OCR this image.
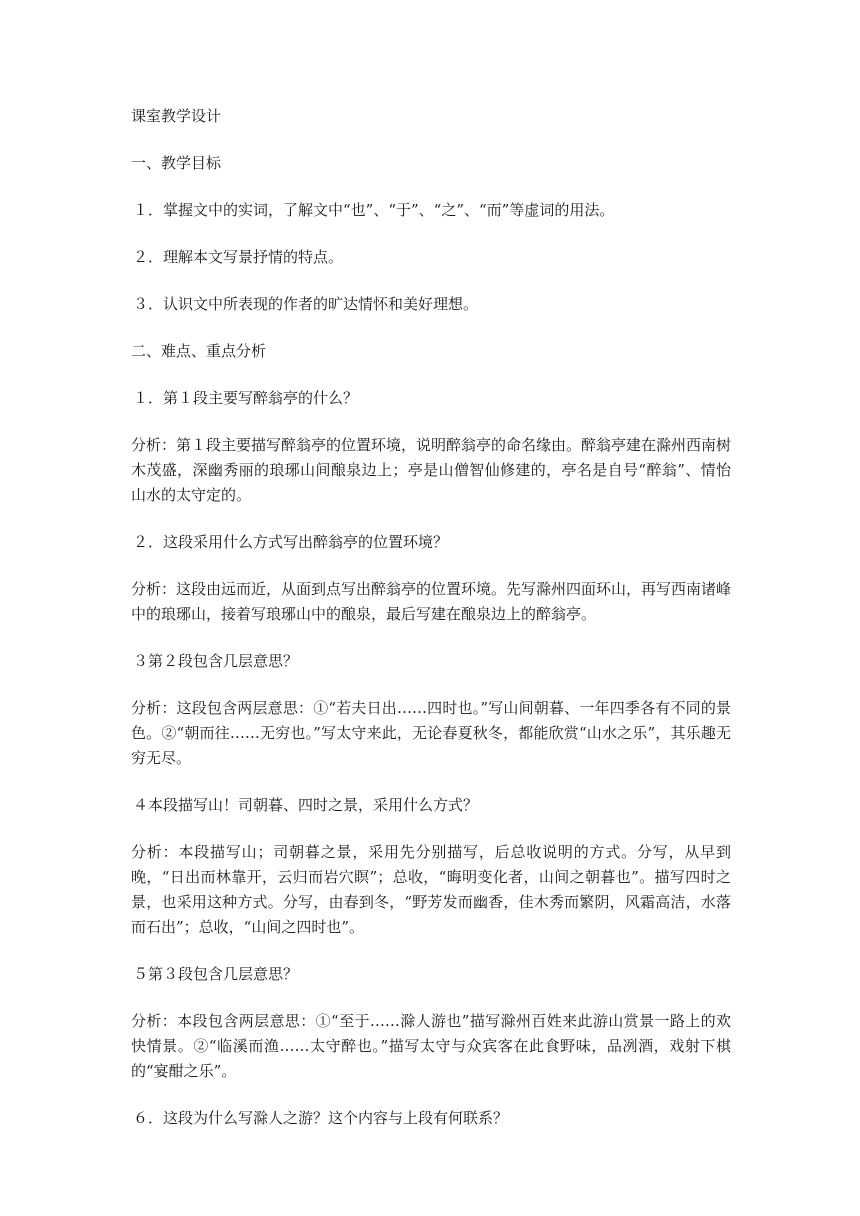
课室教学设计

一、教学目标

１．掌握文中的实词，了解文中“也”、“于”、“之”、“而”等虚词的用法。

２．理解本文写景抒情的特点。

３．认识文中所表现的作者的旷达情怀和美好理想。

二、难点、重点分析

１．第１段主要写醉翁亭的什么？

分析：第１段主要描写醉翁亭的位置环境，说明醉翁亭的命名缘由。醉翁亭建在滁州西南树木茂盛，深幽秀丽的琅琊山间酿泉边上；亭是山僧智仙修建的，亭名是自号“醉翁”、情怡山水的太守定的。

２．这段采用什么方式写出醉翁亭的位置环境？

分析：这段由远而近，从面到点写出醉翁亭的位置环境。先写滁州四面环山，再写西南诸峰中的琅琊山，接着写琅琊山中的酿泉，最后写建在酿泉边上的醉翁亭。

３第２段包含几层意思？

分析：这段包含两层意思：①“若夫日出……四时也。”写山间朝暮、一年四季各有不同的景色。②“朝而往……无穷也。”写太守来此，无论春夏秋冬，都能欣赏“山水之乐”，其乐趣无穷无尽。

４本段描写山！司朝暮、四时之景，采用什么方式？

分析：本段描写山；司朝暮之景，采用先分别描写，后总收说明的方式。分写，从早到晚，“日出而林靠开，云归而岩穴瞑”；总收，“晦明变化者，山间之朝暮也”。描写四时之景，也采用这种方式。分写，由春到冬，“野芳发而幽香，佳木秀而繁阴，风霜高洁，水落而石出”；总收，“山间之四时也”。

５第３段包含几层意思？

分析：本段包含两层意思：①“至于……滁人游也”描写滁州百姓来此游山赏景一路上的欢快情景。②“临溪而渔……太守醉也。”描写太守与众宾客在此食野味，品冽酒，戏射下棋的“宴酣之乐”。

６．这段为什么写滁人之游？这个内容与上段有何联系？
